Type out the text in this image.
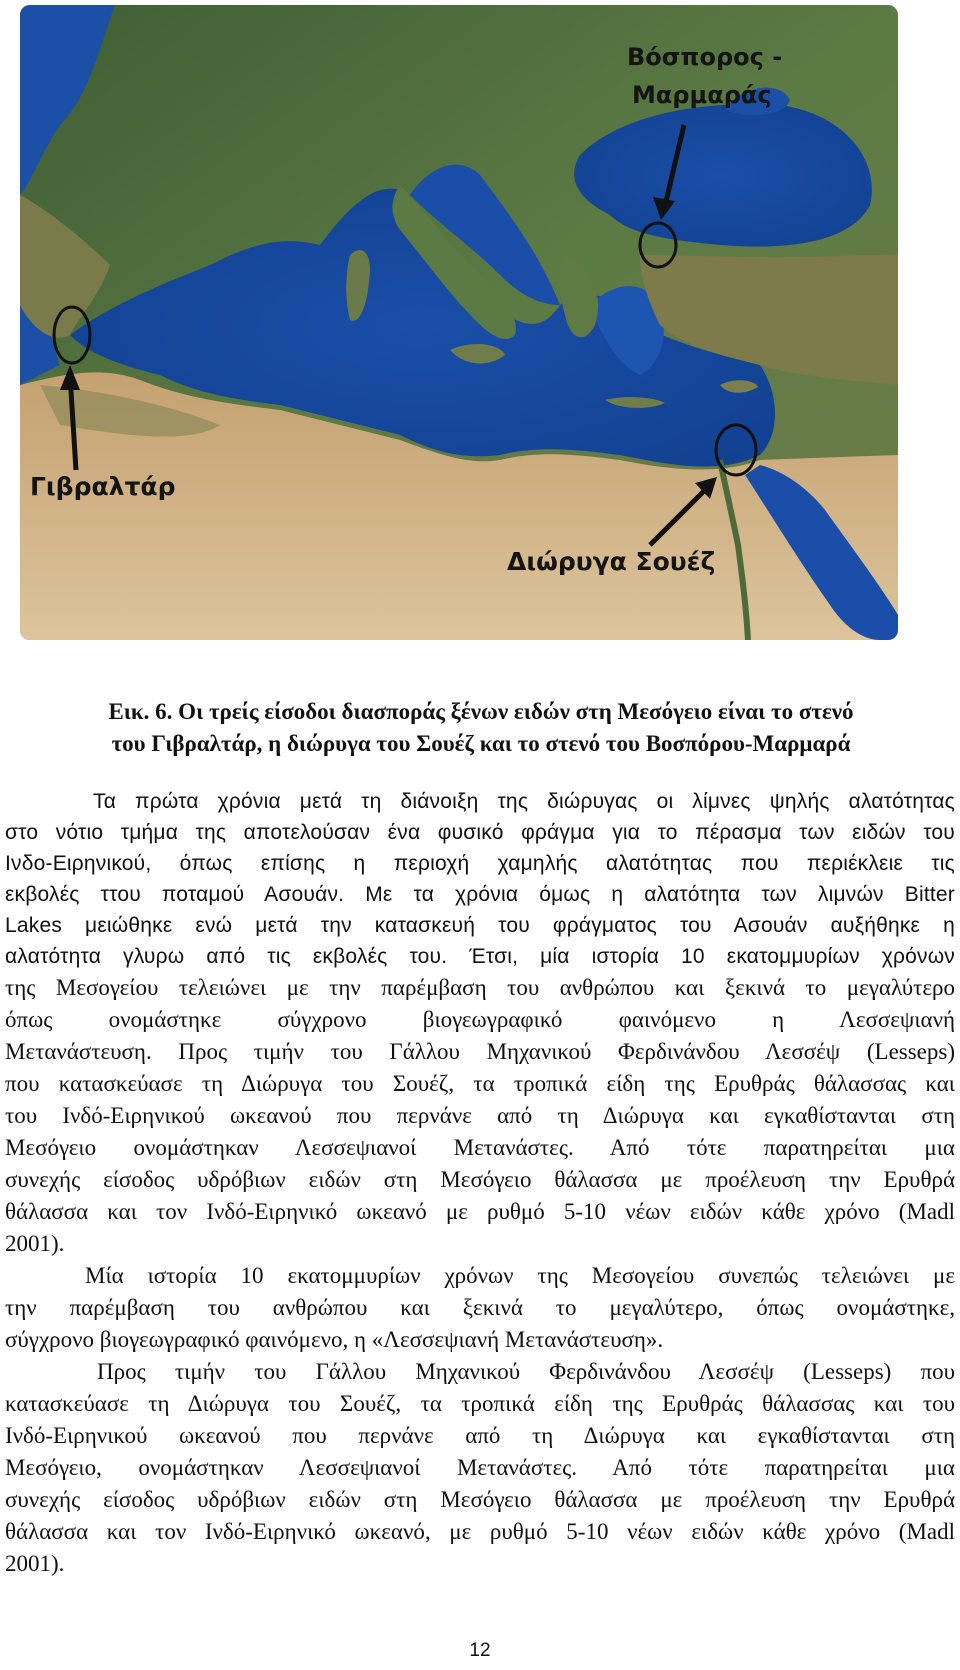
Βόσπορος -
Μαρμαράς
Γιβραλτάρ
Διώρυγα Σουέζ
Εικ. 6. Οι τρείς είσοδοι διασποράς ξένων ειδών στη Μεσόγειο είναι το στενό
του Γιβραλτάρ, η διώρυγα του Σουέζ και το στενό του Βοσπόρου-Μαρμαρά
Τα πρώτα χρόνια μετά τη διάνοιξη της διώρυγας οι λίμνες ψηλής αλατότητας
στο νότιο τμήμα της αποτελούσαν ένα φυσικό φράγμα για το πέρασμα των ειδών του
Ινδο-Ειρηνικού, όπως επίσης η περιοχή χαμηλής αλατότητας που περιέκλειε τις
εκβολές ττου ποταμού Ασουάν. Με τα χρόνια όμως η αλατότητα των λιμνών Bitter
Lakes μειώθηκε ενώ μετά την κατασκευή του φράγματος του Ασουάν αυξήθηκε η
αλατότητα γλυρω από τις εκβολές του. Έτσι, μία ιστορία 10 εκατομμυρίων χρόνων
της Μεσογείου τελειώνει με την παρέμβαση του ανθρώπου και ξεκινά το μεγαλύτερο
όπως ονομάστηκε σύγχρονο βιογεωγραφικό φαινόμενο η Λεσσεψιανή
Μετανάστευση. Προς τιμήν του Γάλλου Μηχανικού Φερδινάνδου Λεσσέψ (Lesseps)
που κατασκεύασε τη Διώρυγα του Σουέζ, τα τροπικά είδη της Ερυθράς θάλασσας και
του Ινδό-Ειρηνικού ωκεανού που περνάνε από τη Διώρυγα και εγκαθίστανται στη
Μεσόγειο ονομάστηκαν Λεσσεψιανοί Μετανάστες. Από τότε παρατηρείται μια
συνεχής είσοδος υδρόβιων ειδών στη Μεσόγειο θάλασσα με προέλευση την Ερυθρά
θάλασσα και τον Ινδό-Ειρηνικό ωκεανό με ρυθμό 5-10 νέων ειδών κάθε χρόνο (Madl
2001).
Μία ιστορία 10 εκατομμυρίων χρόνων της Μεσογείου συνεπώς τελειώνει με
την παρέμβαση του ανθρώπου και ξεκινά το μεγαλύτερο, όπως ονομάστηκε,
σύγχρονο βιογεωγραφικό φαινόμενο, η «Λεσσεψιανή Μετανάστευση».
Προς τιμήν του Γάλλου Μηχανικού Φερδινάνδου Λεσσέψ (Lesseps) που
κατασκεύασε τη Διώρυγα του Σουέζ, τα τροπικά είδη της Ερυθράς θάλασσας και του
Ινδό-Ειρηνικού ωκεανού που περνάνε από τη Διώρυγα και εγκαθίστανται στη
Μεσόγειο, ονομάστηκαν Λεσσεψιανοί Μετανάστες. Από τότε παρατηρείται μια
συνεχής είσοδος υδρόβιων ειδών στη Μεσόγειο θάλασσα με προέλευση την Ερυθρά
θάλασσα και τον Ινδό-Ειρηνικό ωκεανό, με ρυθμό 5-10 νέων ειδών κάθε χρόνο (Madl
2001).
12
